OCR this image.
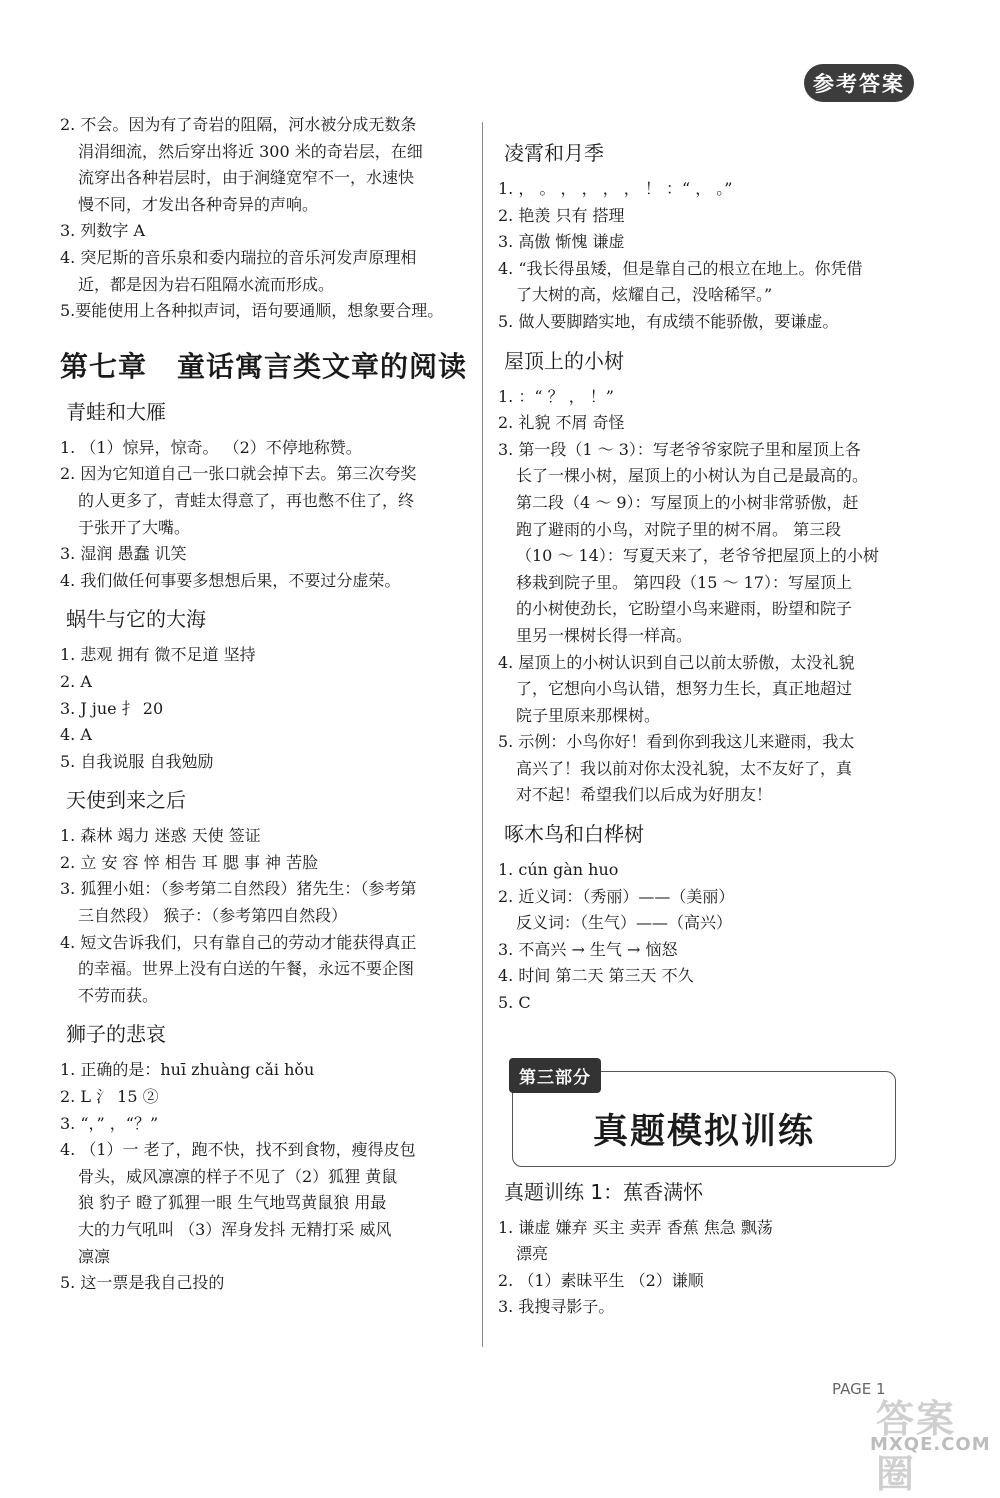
参考答案
2. 不会。因为有了奇岩的阻隔，河水被分成无数条
涓涓细流，然后穿出将近 300 米的奇岩层，在细
流穿出各种岩层时，由于涧缝宽窄不一，水速快
慢不同，才发出各种奇异的声响。
3. 列数字 A
4. 突尼斯的音乐泉和委内瑞拉的音乐河发声原理相
近，都是因为岩石阻隔水流而形成。
5.要能使用上各种拟声词，语句要通顺，想象要合理。
第七章 童话寓言类文章的阅读
青蛙和大雁
1. （1）惊异，惊奇。 （2）不停地称赞。
2. 因为它知道自己一张口就会掉下去。第三次夸奖
的人更多了，青蛙太得意了，再也憋不住了，终
于张开了大嘴。
3. 湿润 愚蠢 讥笑
4. 我们做任何事要多想想后果，不要过分虚荣。
蜗牛与它的大海
1. 悲观 拥有 微不足道 坚持
2. A
3. J jue 扌 20
4. A
5. 自我说服 自我勉励
天使到来之后
1. 森林 竭力 迷惑 天使 签证
2. 立 安 容 悴 相告 耳 腮 事 神 苦脸
3. 狐狸小姐：（参考第二自然段）猪先生：（参考第
三自然段） 猴子：（参考第四自然段）
4. 短文告诉我们，只有靠自己的劳动才能获得真正
的幸福。世界上没有白送的午餐，永远不要企图
不劳而获。
狮子的悲哀
1. 正确的是：huī zhuàng cǎi hǒu
2. L 氵 15 ②
3. “，” ，“？”
4. （1）一 老了，跑不快，找不到食物，瘦得皮包
骨头，威风凛凛的样子不见了（2）狐狸 黄鼠
狼 豹子 瞪了狐狸一眼 生气地骂黄鼠狼 用最
大的力气吼叫 （3）浑身发抖 无精打采 威风
凛凛
5. 这一票是我自己投的
凌霄和月季
1. ， 。 ， ， ， ， ！ ：“ ， 。”
2. 艳羡 只有 搭理
3. 高傲 惭愧 谦虚
4. “我长得虽矮，但是靠自己的根立在地上。你凭借
了大树的高，炫耀自己，没啥稀罕。”
5. 做人要脚踏实地，有成绩不能骄傲，要谦虚。
屋顶上的小树
1. ：“ ？ ， ！”
2. 礼貌 不屑 奇怪
3. 第一段（1 ～ 3）：写老爷爷家院子里和屋顶上各
长了一棵小树，屋顶上的小树认为自己是最高的。
第二段（4 ～ 9）：写屋顶上的小树非常骄傲，赶
跑了避雨的小鸟，对院子里的树不屑。 第三段
（10 ～ 14）：写夏天来了，老爷爷把屋顶上的小树
移栽到院子里。 第四段（15 ～ 17）：写屋顶上
的小树使劲长，它盼望小鸟来避雨，盼望和院子
里另一棵树长得一样高。
4. 屋顶上的小树认识到自己以前太骄傲，太没礼貌
了，它想向小鸟认错，想努力生长，真正地超过
院子里原来那棵树。
5. 示例：小鸟你好！看到你到我这儿来避雨，我太
高兴了！我以前对你太没礼貌，太不友好了，真
对不起！希望我们以后成为好朋友！
啄木鸟和白桦树
1. cún gàn huo
2. 近义词：（秀丽）——（美丽）
反义词：（生气）——（高兴）
3. 不高兴 → 生气 → 恼怒
4. 时间 第二天 第三天 不久
5. C
第三部分
真题模拟训练
真题训练 1：蕉香满怀
1. 谦虚 嫌弃 买主 卖弄 香蕉 焦急 飘荡
漂亮
2. （1）素昧平生 （2）谦顺
3. 我搜寻影子。
PAGE 1
答案圈
MXQE.COM
